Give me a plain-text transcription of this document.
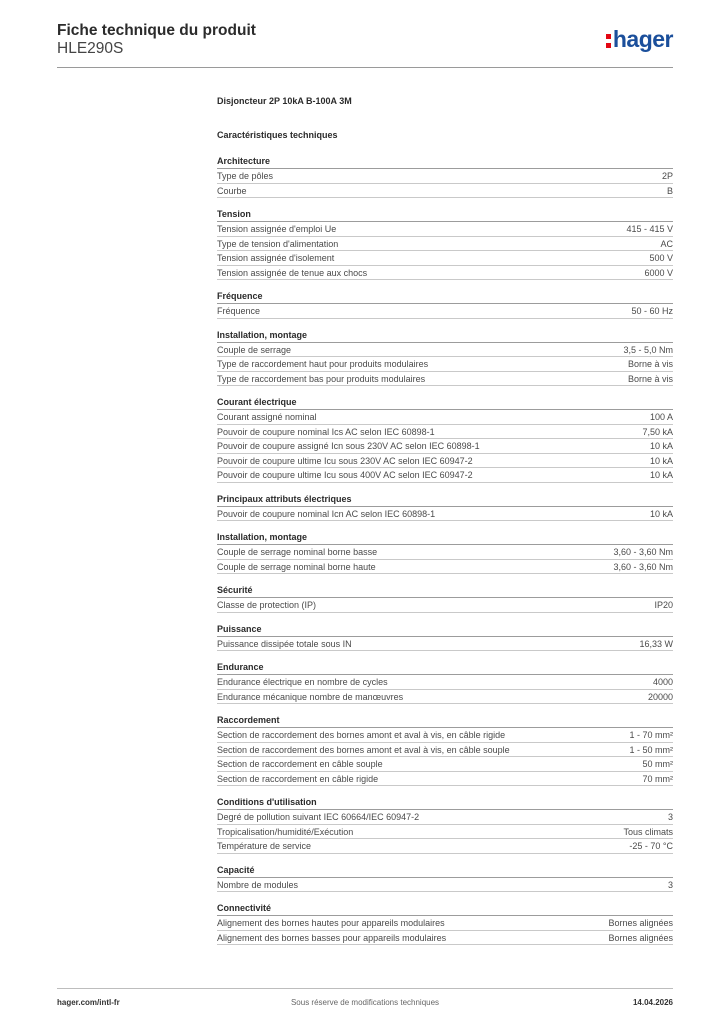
Fiche technique du produit
HLE290S	hager
Disjoncteur 2P 10kA B-100A 3M
Caractéristiques techniques
Architecture
Type de pôles	2P
Courbe	B
Tension
Tension assignée d'emploi Ue	415 - 415 V
Type de tension d'alimentation	AC
Tension assignée d'isolement	500 V
Tension assignée de tenue aux chocs	6000 V
Fréquence
Fréquence	50 - 60 Hz
Installation, montage
Couple de serrage	3,5 - 5,0 Nm
Type de raccordement haut pour produits modulaires	Borne à vis
Type de raccordement bas pour produits modulaires	Borne à vis
Courant électrique
Courant assigné nominal	100 A
Pouvoir de coupure nominal Ics AC selon IEC 60898-1	7,50 kA
Pouvoir de coupure assigné Icn sous 230V AC selon IEC 60898-1	10 kA
Pouvoir de coupure ultime Icu sous 230V AC selon IEC 60947-2	10 kA
Pouvoir de coupure ultime Icu sous 400V AC selon IEC 60947-2	10 kA
Principaux attributs électriques
Pouvoir de coupure nominal Icn AC selon IEC 60898-1	10 kA
Installation, montage
Couple de serrage nominal borne basse	3,60 - 3,60 Nm
Couple de serrage nominal borne haute	3,60 - 3,60 Nm
Sécurité
Classe de protection (IP)	IP20
Puissance
Puissance dissipée totale sous IN	16,33 W
Endurance
Endurance électrique en nombre de cycles	4000
Endurance mécanique nombre de manœuvres	20000
Raccordement
Section de raccordement des bornes amont et aval à vis, en câble rigide	1 - 70 mm²
Section de raccordement des bornes amont et aval à vis, en câble souple	1 - 50 mm²
Section de raccordement en câble souple	50 mm²
Section de raccordement en câble rigide	70 mm²
Conditions d'utilisation
Degré de pollution suivant IEC 60664/IEC 60947-2	3
Tropicalisation/humidité/Exécution	Tous climats
Température de service	-25 - 70 °C
Capacité
Nombre de modules	3
Connectivité
Alignement des bornes hautes pour appareils modulaires	Bornes alignées
Alignement des bornes basses pour appareils modulaires	Bornes alignées
hager.com/intl-fr	Sous réserve de modifications techniques	14.04.2026
